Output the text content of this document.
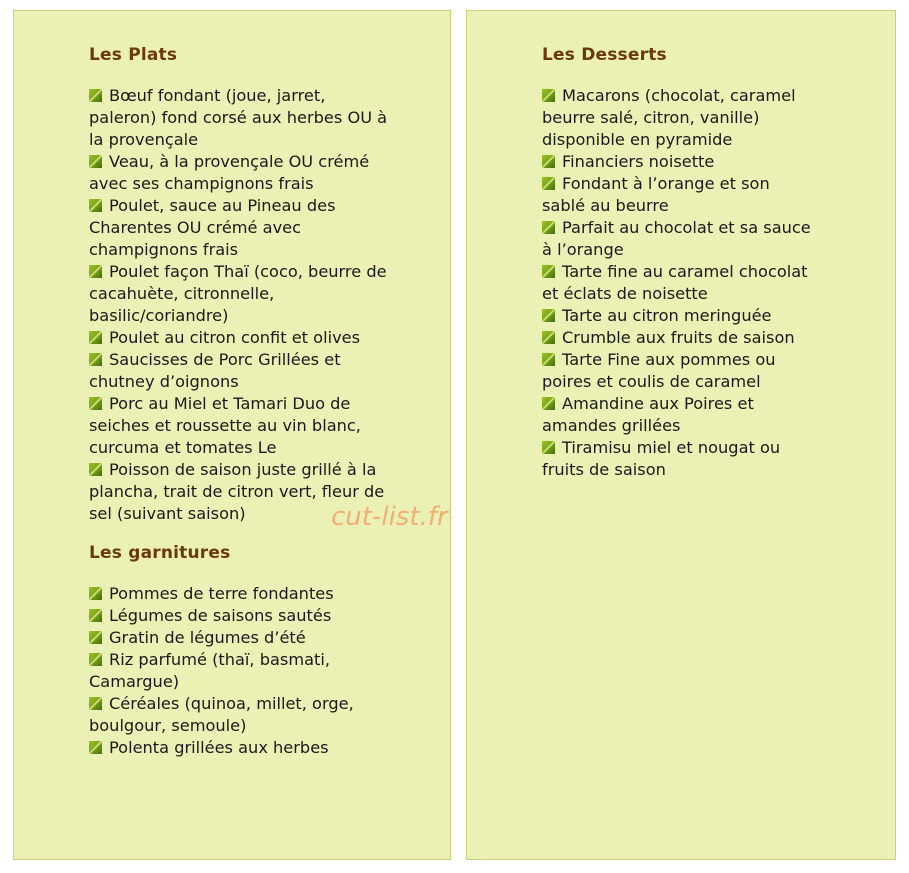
Les Plats
Bœuf fondant (joue, jarret, paleron) fond corsé aux herbes OU à la provençale
Veau, à la provençale OU crémé avec ses champignons frais
Poulet, sauce au Pineau des Charentes OU crémé avec champignons frais
Poulet façon Thaï (coco, beurre de cacahuète, citronnelle, basilic/coriandre)
Poulet au citron confit et olives
Saucisses de Porc Grillées et chutney d’oignons
Porc au Miel et Tamari Duo de seiches et roussette au vin blanc, curcuma et tomates Le
Poisson de saison juste grillé à la plancha, trait de citron vert, fleur de sel (suivant saison)
Les garnitures
Pommes de terre fondantes
Légumes de saisons sautés
Gratin de légumes d’été
Riz parfumé (thaï, basmati, Camargue)
Céréales (quinoa, millet, orge, boulgour, semoule)
Polenta grillées aux herbes
Les Desserts
Macarons (chocolat, caramel beurre salé, citron, vanille) disponible en pyramide
Financiers noisette
Fondant à l’orange et son sablé au beurre
Parfait au chocolat et sa sauce à l’orange
Tarte fine au caramel chocolat et éclats de noisette
Tarte au citron meringuée
Crumble aux fruits de saison
Tarte Fine aux pommes ou poires et coulis de caramel
Amandine aux Poires et amandes grillées
Tiramisu miel et nougat ou fruits de saison
cut-list.fr
